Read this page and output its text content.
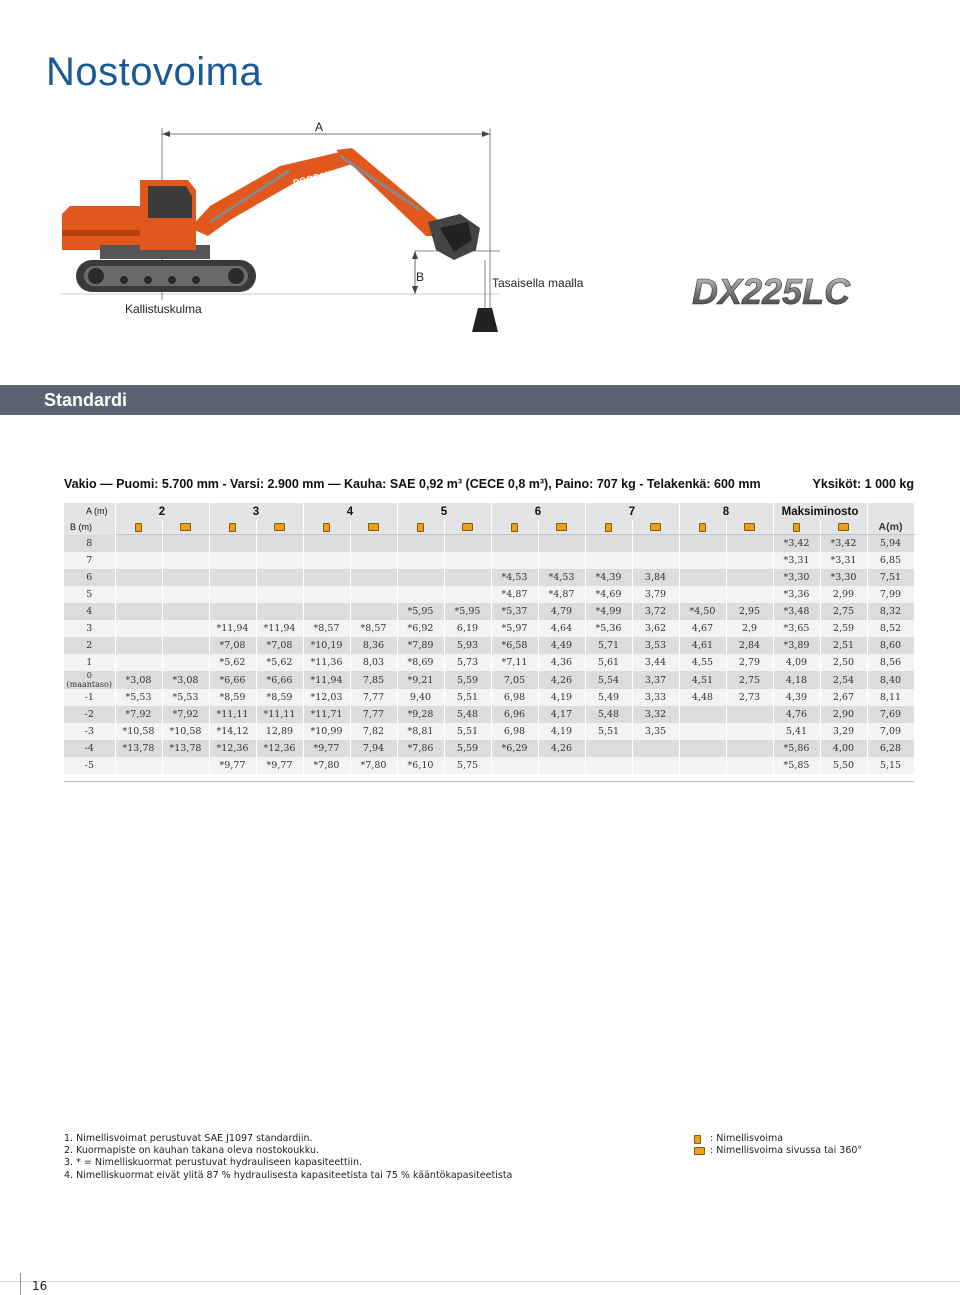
Nostovoima
DOOSAN
A
B	Tasaisella maalla
Kallistuskulma	DX225LC
Standardi
Vakio — Puomi: 5.700 mm - Varsi: 2.900 mm — Kauha: SAE 0,92 m³ (CECE 0,8 m³), Paino: 707 kg - Telakenkä: 600 mm	Yksiköt: 1 000 kg
A (m)
B (m)	2		3		4		5		6		7		8		Maksiminosto		
																	A(m)
8															*3,42	*3,42	5,94
7															*3,31	*3,31	6,85
6									*4,53	*4,53	*4,39	3,84			*3,30	*3,30	7,51
5									*4,87	*4,87	*4,69	3,79			*3,36	2,99	7,99
4							*5,95	*5,95	*5,37	4,79	*4,99	3,72	*4,50	2,95	*3,48	2,75	8,32
3			*11,94	*11,94	*8,57	*8,57	*6,92	6,19	*5,97	4,64	*5,36	3,62	4,67	2,9	*3,65	2,59	8,52
2			*7,08	*7,08	*10,19	8,36	*7,89	5,93	*6,58	4,49	5,71	3,53	4,61	2,84	*3,89	2,51	8,60
1			*5,62	*5,62	*11,36	8,03	*8,69	5,73	*7,11	4,36	5,61	3,44	4,55	2,79	4,09	2,50	8,56
0 (maantaso)	*3,08	*3,08	*6,66	*6,66	*11,94	7,85	*9,21	5,59	7,05	4,26	5,54	3,37	4,51	2,75	4,18	2,54	8,40
-1	*5,53	*5,53	*8,59	*8,59	*12,03	7,77	9,40	5,51	6,98	4,19	5,49	3,33	4,48	2,73	4,39	2,67	8,11
-2	*7,92	*7,92	*11,11	*11,11	*11,71	7,77	*9,28	5,48	6,96	4,17	5,48	3,32			4,76	2,90	7,69
-3	*10,58	*10,58	*14,12	12,89	*10,99	7,82	*8,81	5,51	6,98	4,19	5,51	3,35			5,41	3,29	7,09
-4	*13,78	*13,78	*12,36	*12,36	*9,77	7,94	*7,86	5,59	*6,29	4,26					*5,86	4,00	6,28
-5			*9,77	*9,77	*7,80	*7,80	*6,10	5,75							*5,85	5,50	5,15
1. Nimellisvoimat perustuvat SAE J1097 standardiin.
2. Kuormapiste on kauhan takana oleva nostokoukku.
3. * = Nimelliskuormat perustuvat hydrauliseen kapasiteettiin.
4. Nimelliskuormat eivät ylitä 87 % hydraulisesta kapasiteetista tai 75 % kääntökapasiteetista
: Nimellisvoima
: Nimellisvoima sivussa tai 360°
16
